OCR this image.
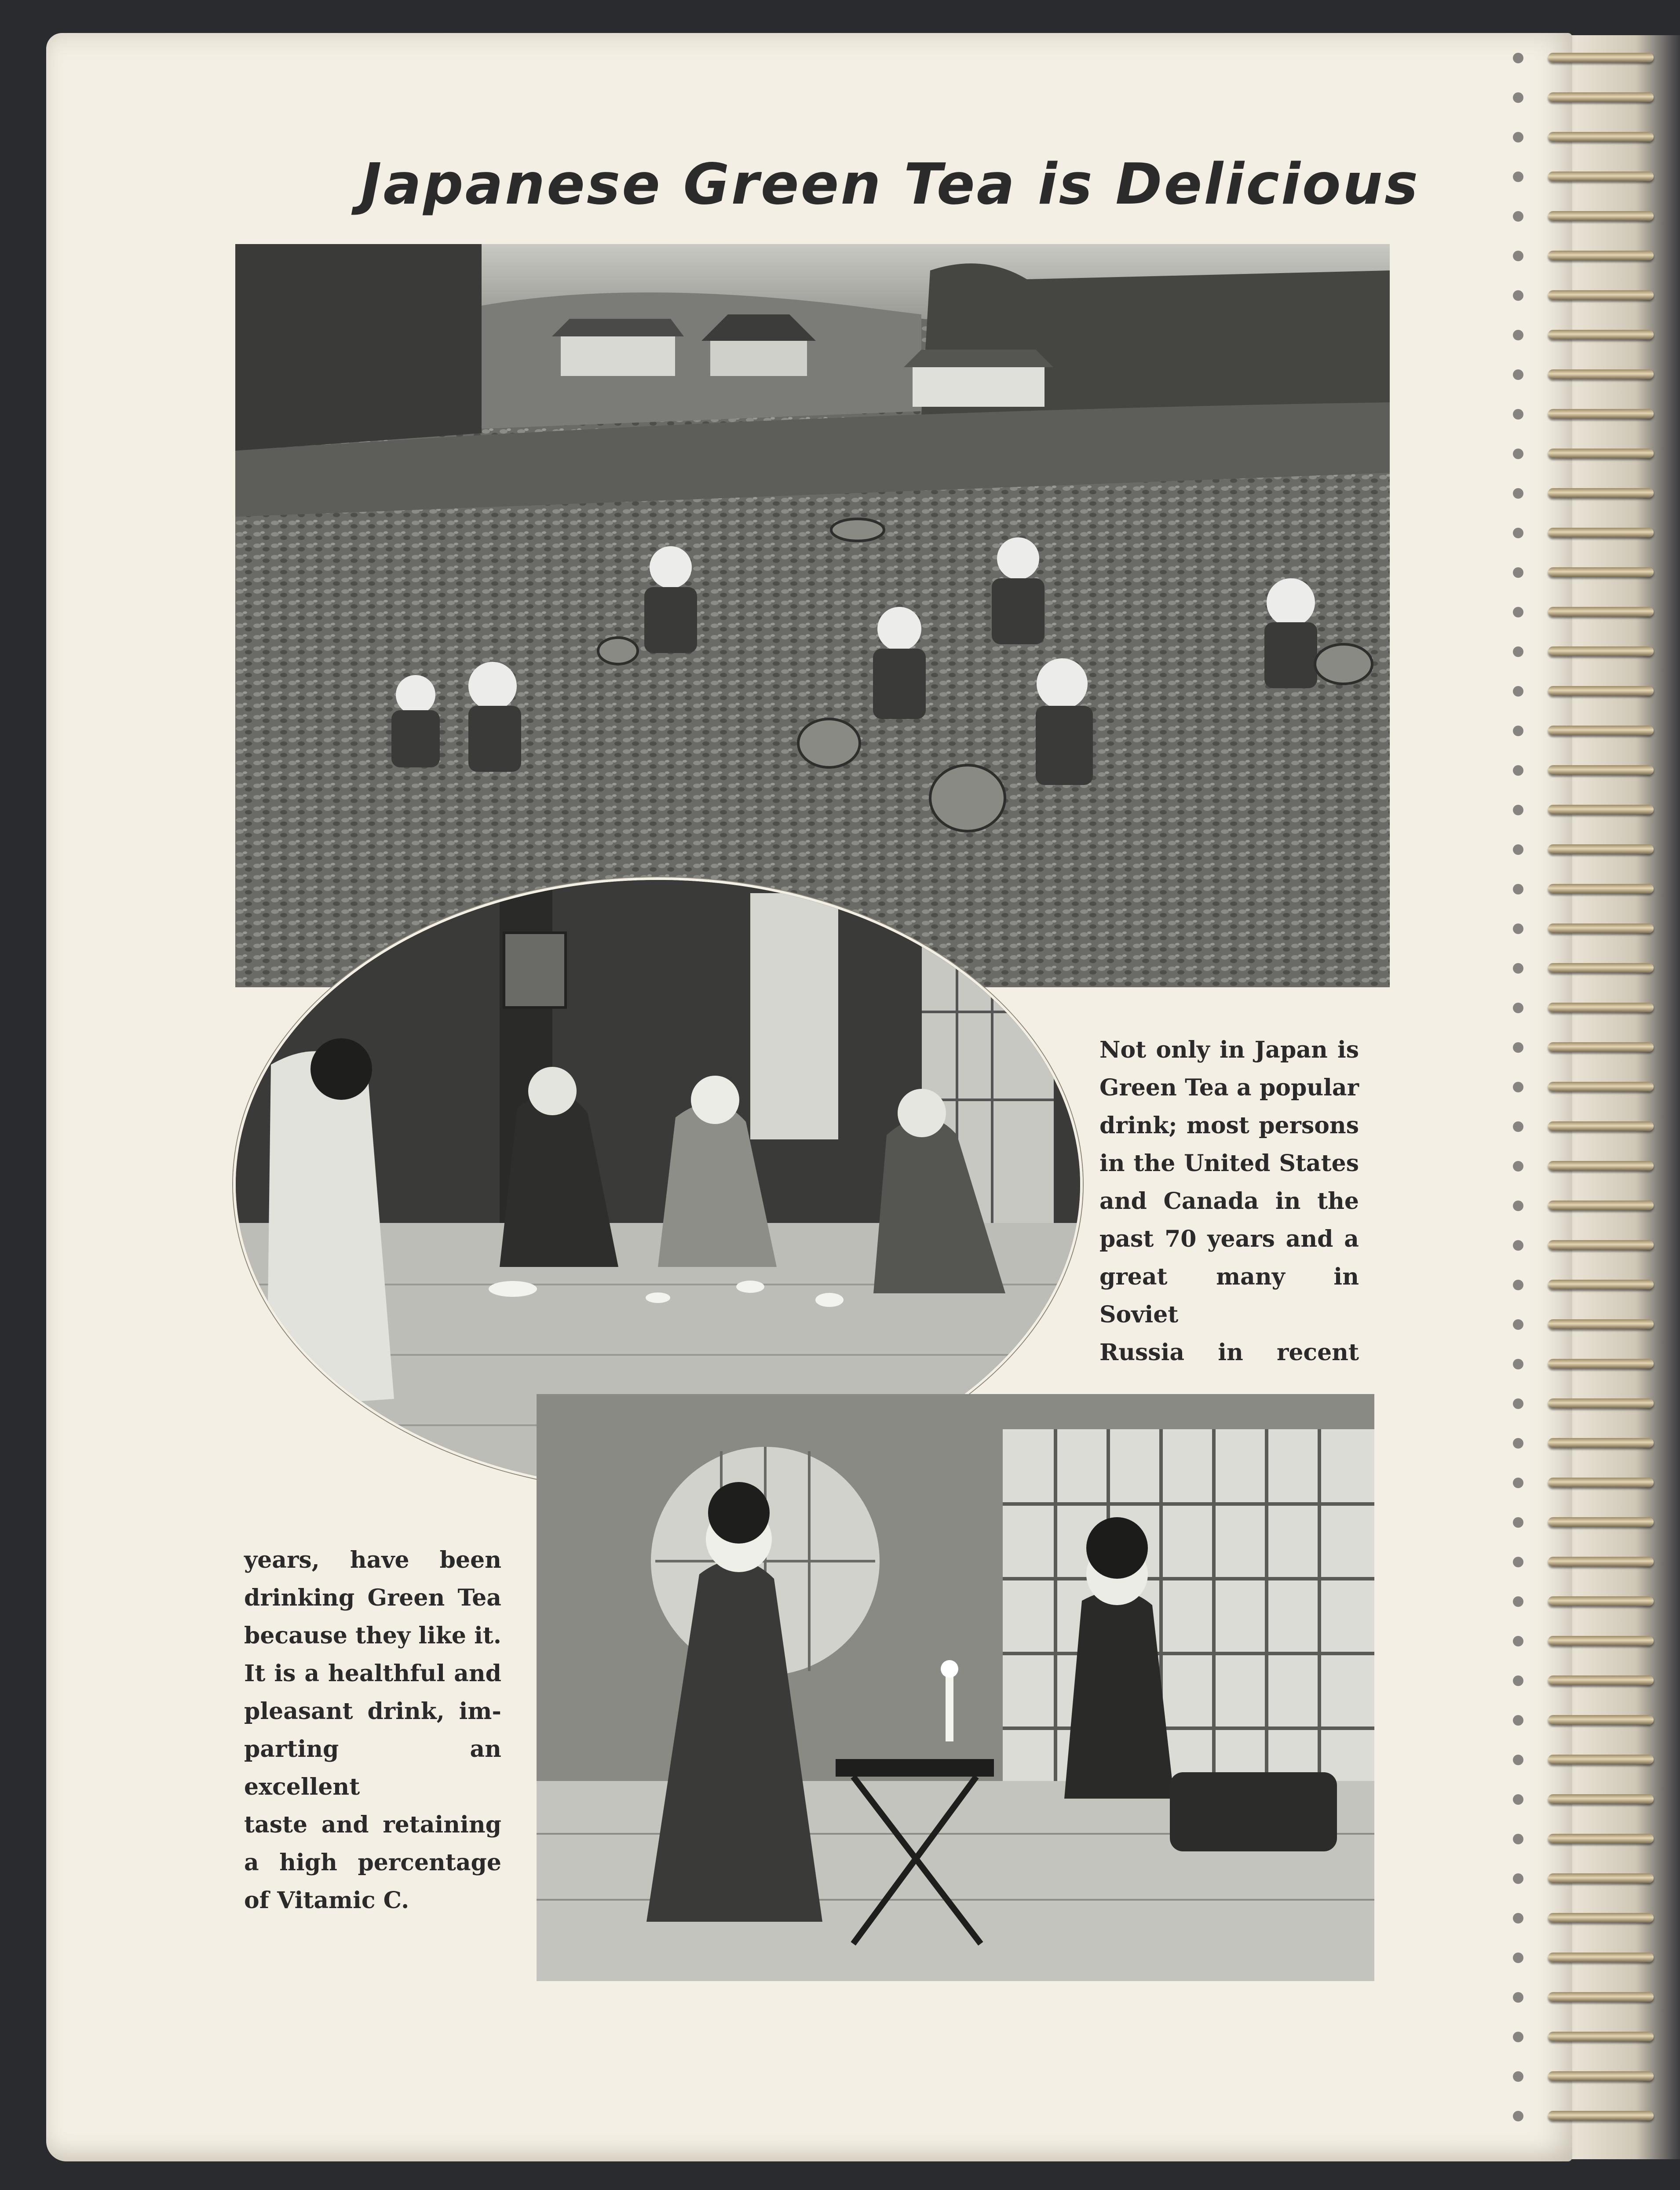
Japanese Green Tea is Delicious
Not only in Japan is
Green Tea a popular
drink; most persons
in the United States
and Canada in the
past 70 years and a
great many in Soviet
Russia in recent
years, have been
drinking Green Tea
because they like it.
It is a healthful and
pleasant drink, im-
parting an excellent
taste and retaining
a high percentage
of Vitamic C.
